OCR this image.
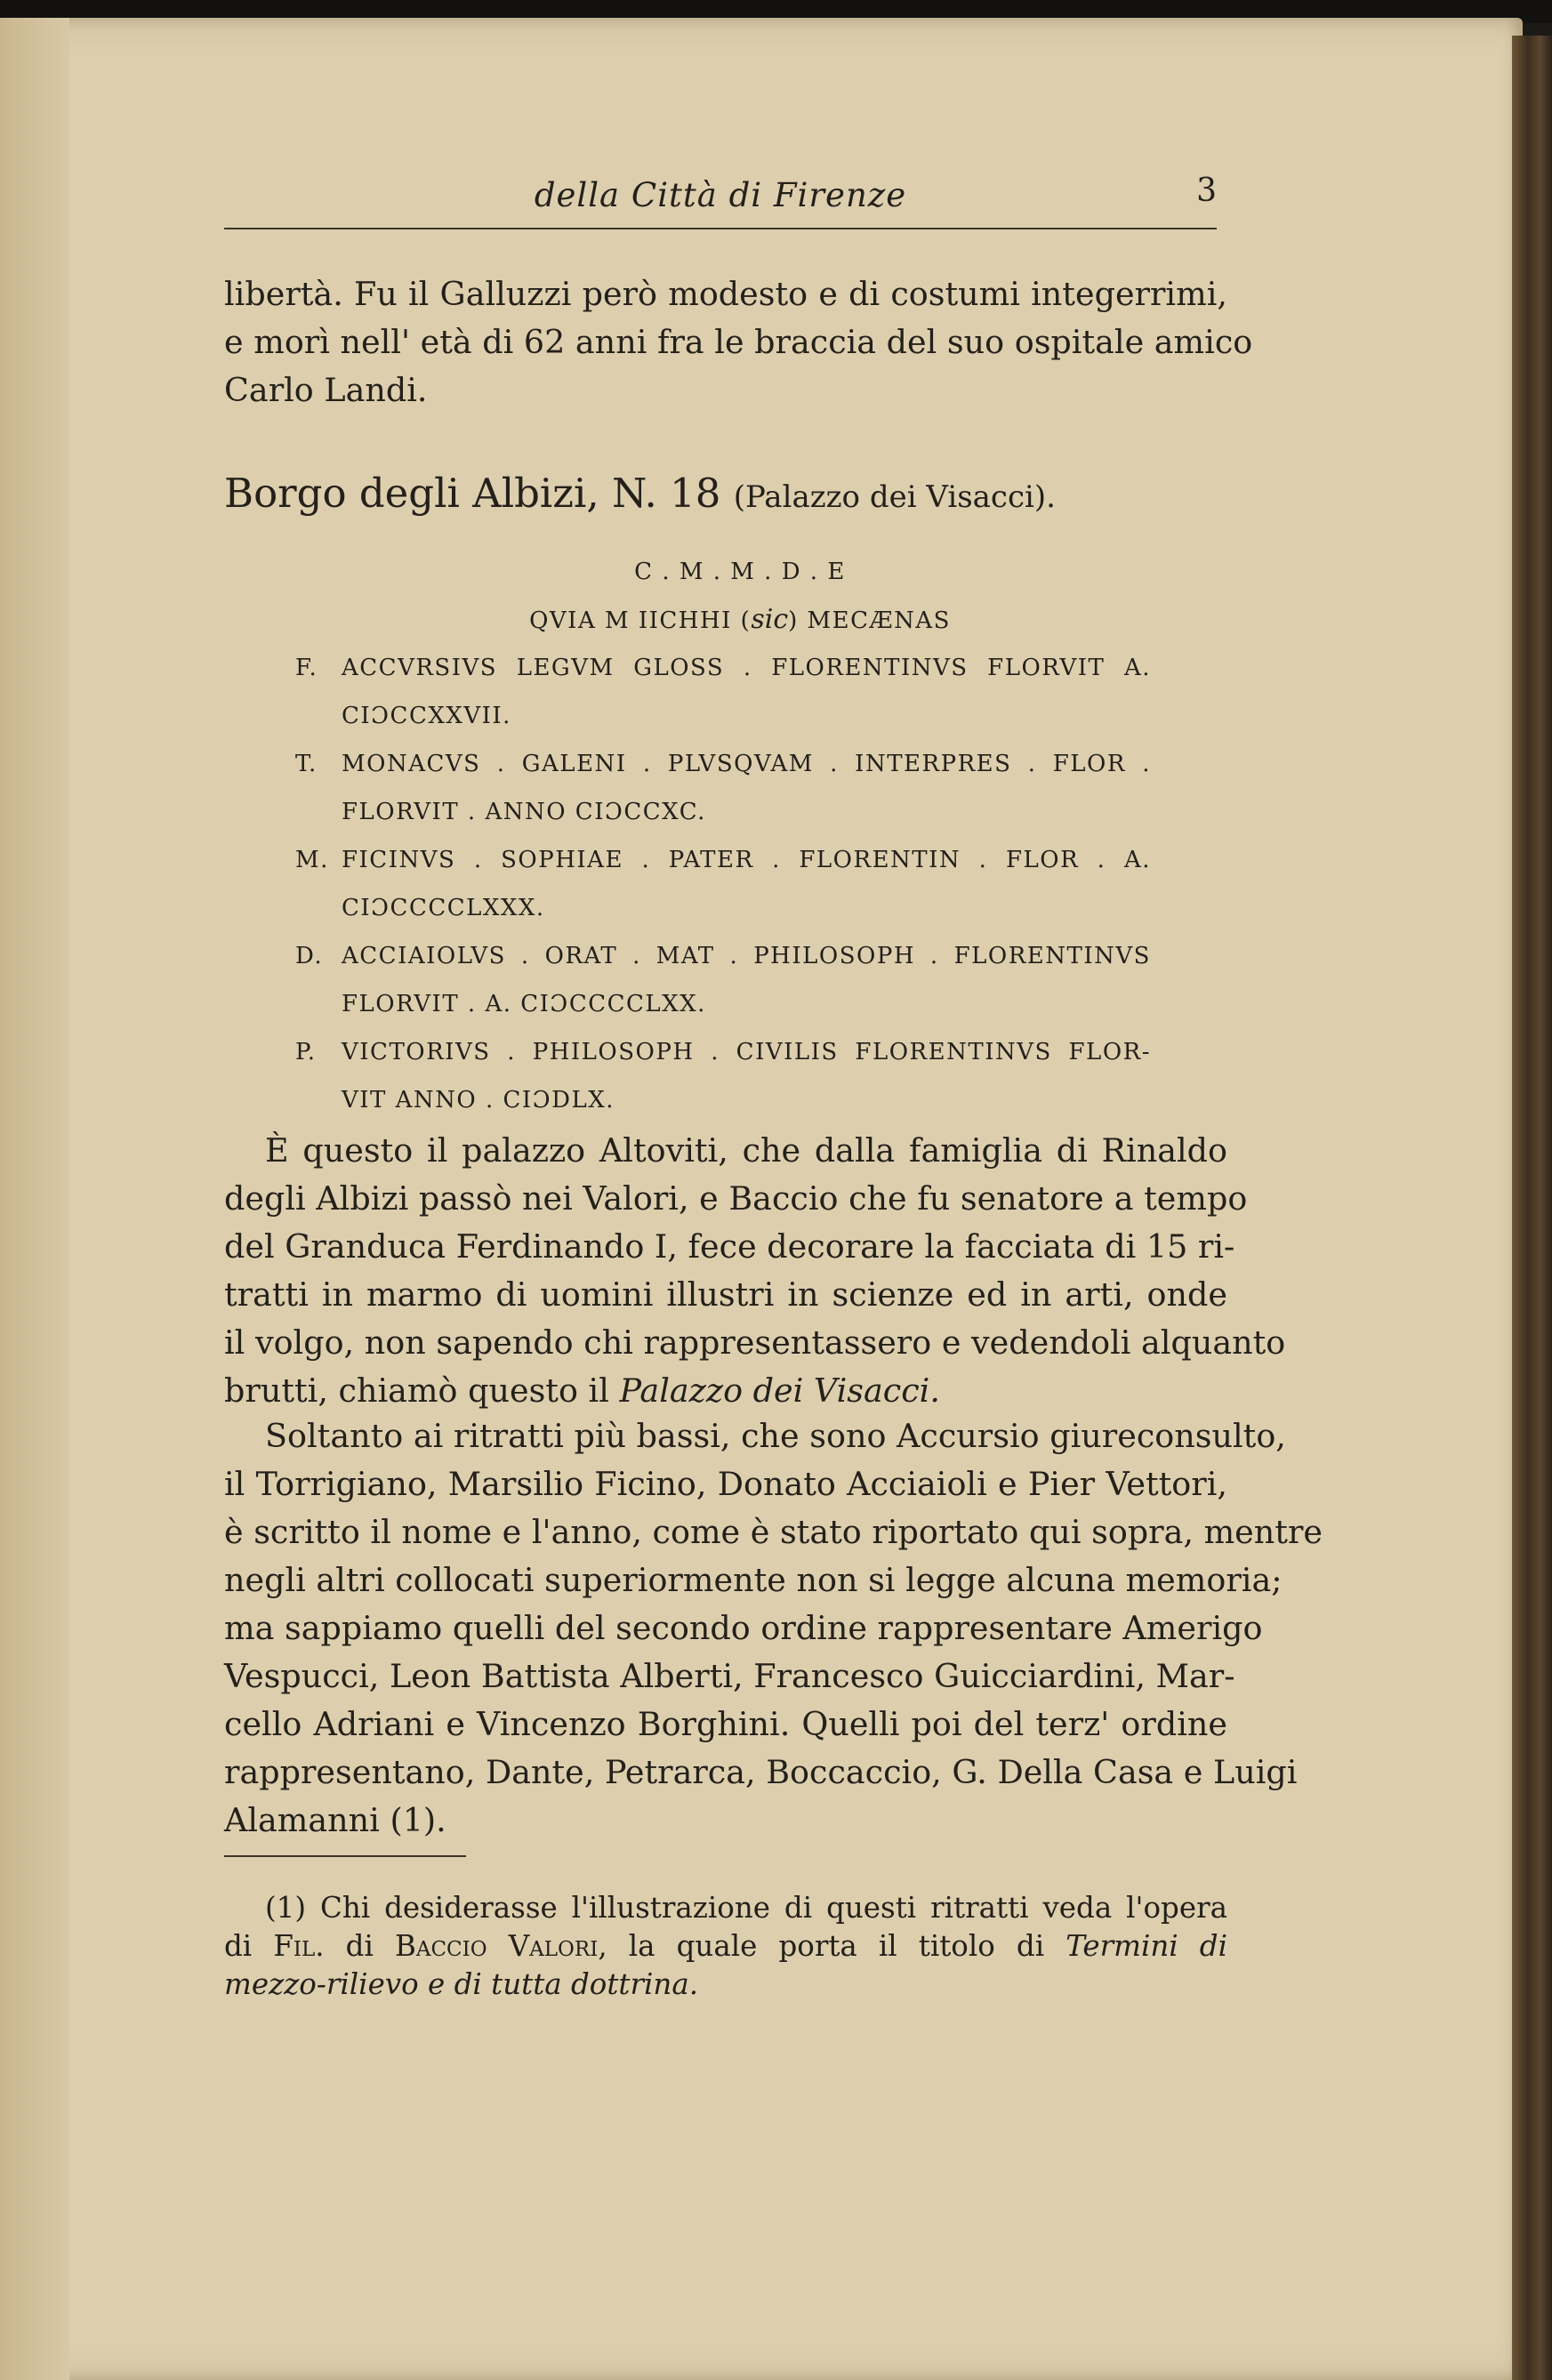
della Città di Firenze	3
libertà. Fu il Galluzzi però modesto e di costumi integerrimi,
e morì nell' età di 62 anni fra le braccia del suo ospitale amico
Carlo Landi.
Borgo degli Albizi, N. 18 (Palazzo dei Visacci).
C . M . M . D . E
QVIA M IICHHI (sic) MECÆNAS
F.	ACCVRSIVS LEGVM GLOSS . FLORENTINVS FLORVIT A.
CIƆCCXXVII.
T.	MONACVS . GALENI . PLVSQVAM . INTERPRES . FLOR .
FLORVIT . ANNO CIƆCCXC.
M. FICINVS . SOPHIAE . PATER . FLORENTIN . FLOR . A.
CIƆCCCCLXXX.
D. ACCIAIOLVS . ORAT . MAT . PHILOSOPH . FLORENTINVS
FLORVIT . A. CIƆCCCCLXX.
P.	VICTORIVS . PHILOSOPH . CIVILIS FLORENTINVS FLOR-
VIT ANNO . CIƆDLX.
È questo il palazzo Altoviti, che dalla famiglia di Rinaldo
degli Albizi passò nei Valori, e Baccio che fu senatore a tempo
del Granduca Ferdinando I, fece decorare la facciata di 15 ri-
tratti in marmo di uomini illustri in scienze ed in arti, onde
il volgo, non sapendo chi rappresentassero e vedendoli alquanto
brutti, chiamò questo il Palazzo dei Visacci.
Soltanto ai ritratti più bassi, che sono Accursio giureconsulto,
il Torrigiano, Marsilio Ficino, Donato Acciaioli e Pier Vettori,
è scritto il nome e l'anno, come è stato riportato qui sopra, mentre
negli altri collocati superiormente non si legge alcuna memoria;
ma sappiamo quelli del secondo ordine rappresentare Amerigo
Vespucci, Leon Battista Alberti, Francesco Guicciardini, Mar-
cello Adriani e Vincenzo Borghini. Quelli poi del terz' ordine
rappresentano, Dante, Petrarca, Boccaccio, G. Della Casa e Luigi
Alamanni (1).
(1) Chi desiderasse l'illustrazione di questi ritratti veda l'opera
di Fil. di Baccio Valori, la quale porta il titolo di Termini di
mezzo-rilievo e di tutta dottrina.
